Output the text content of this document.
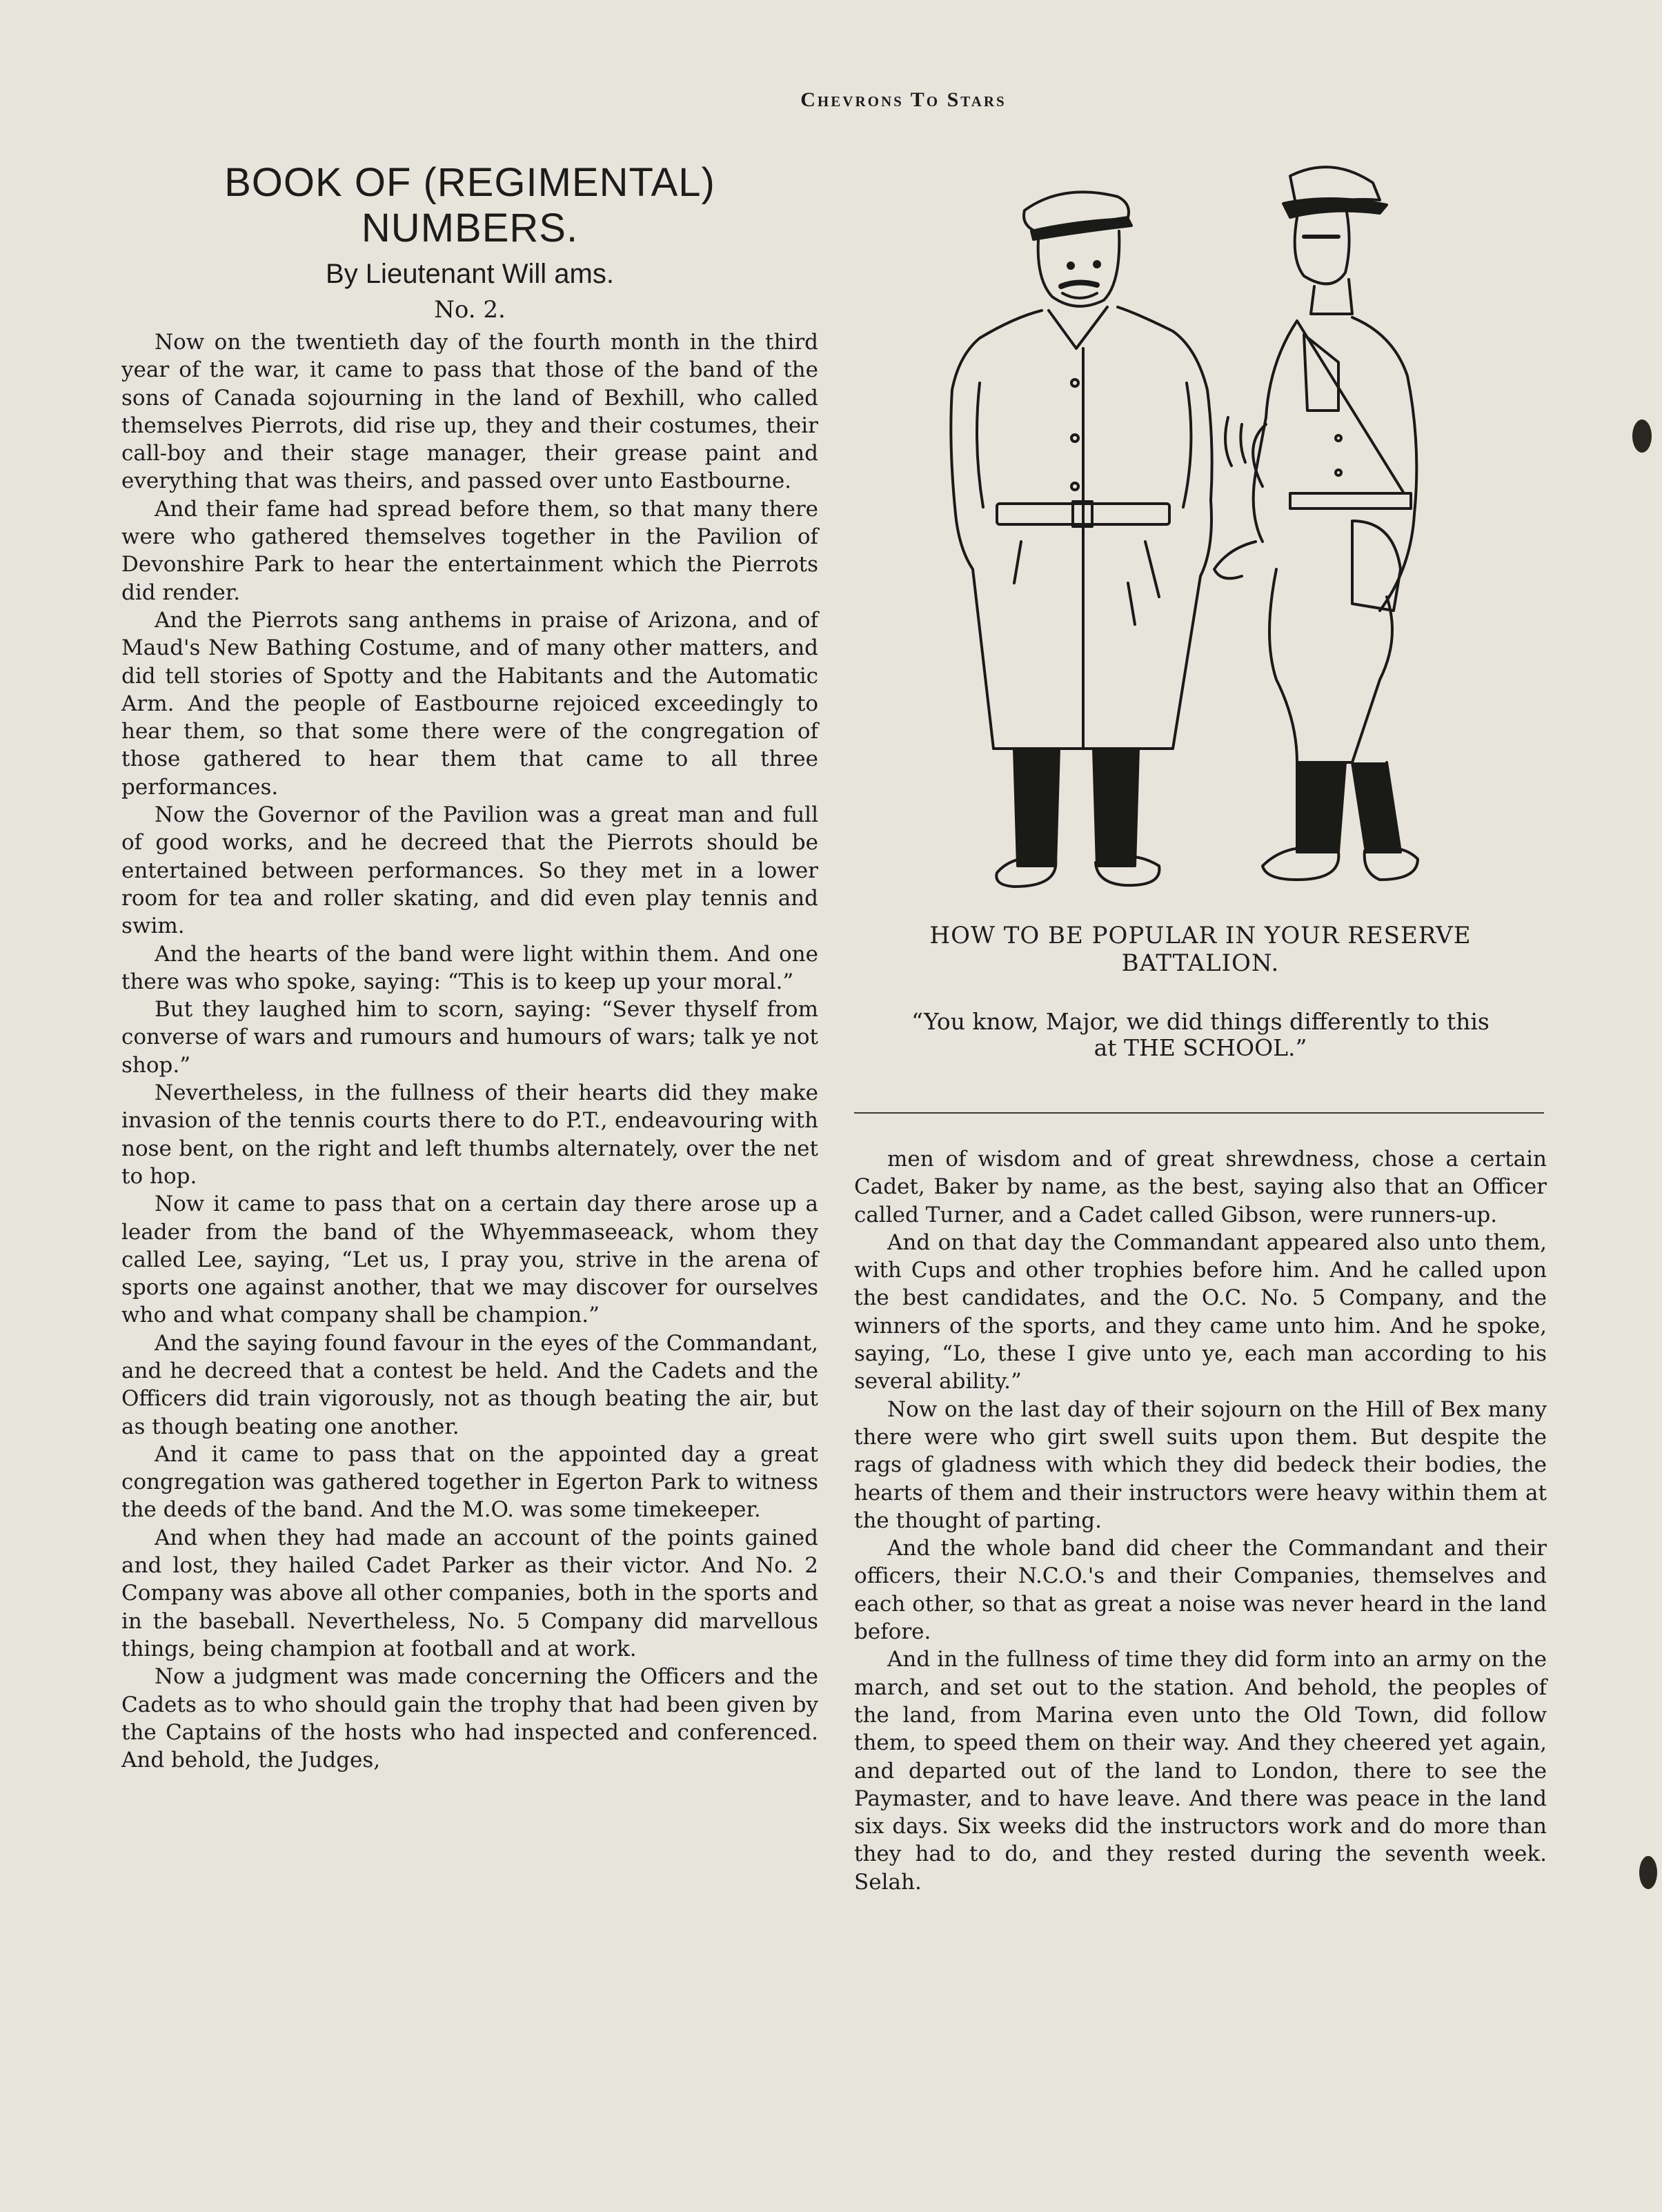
Chevrons To Stars
BOOK OF (REGIMENTAL)
NUMBERS.
By Lieutenant Will ams.
No. 2.

Now on the twentieth day of the fourth month in the third year of the war, it came to pass that those of the band of the sons of Canada sojourning in the land of Bexhill, who called themselves Pierrots, did rise up, they and their costumes, their call-boy and their stage manager, their grease paint and everything that was theirs, and passed over unto Eastbourne.

And their fame had spread before them, so that many there were who gathered themselves together in the Pavilion of Devonshire Park to hear the entertainment which the Pierrots did render.

And the Pierrots sang anthems in praise of Arizona, and of Maud's New Bathing Costume, and of many other matters, and did tell stories of Spotty and the Habitants and the Automatic Arm. And the people of Eastbourne rejoiced exceedingly to hear them, so that some there were of the congregation of those gathered to hear them that came to all three performances.

Now the Governor of the Pavilion was a great man and full of good works, and he decreed that the Pierrots should be entertained between performances. So they met in a lower room for tea and roller skating, and did even play tennis and swim.

And the hearts of the band were light within them. And one there was who spoke, saying: “This is to keep up your moral.”

But they laughed him to scorn, saying: “Sever thyself from converse of wars and rumours and humours of wars; talk ye not shop.”

Nevertheless, in the fullness of their hearts did they make invasion of the tennis courts there to do P.T., endeavouring with nose bent, on the right and left thumbs alternately, over the net to hop.

Now it came to pass that on a certain day there arose up a leader from the band of the Whyemmaseeack, whom they called Lee, saying, “Let us, I pray you, strive in the arena of sports one against another, that we may discover for ourselves who and what company shall be champion.”

And the saying found favour in the eyes of the Commandant, and he decreed that a contest be held. And the Cadets and the Officers did train vigorously, not as though beating the air, but as though beating one another.

And it came to pass that on the appointed day a great congregation was gathered together in Egerton Park to witness the deeds of the band. And the M.O. was some timekeeper.

And when they had made an account of the points gained and lost, they hailed Cadet Parker as their victor. And No. 2 Company was above all other companies, both in the sports and in the baseball. Nevertheless, No. 5 Company did marvellous things, being champion at football and at work.

Now a judgment was made concerning the Officers and the Cadets as to who should gain the trophy that had been given by the Captains of the hosts who had inspected and conferenced. And behold, the Judges,

HOW TO BE POPULAR IN YOUR RESERVE
BATTALION.
“You know, Major, we did things differently to this
at THE SCHOOL.”

men of wisdom and of great shrewdness, chose a certain Cadet, Baker by name, as the best, saying also that an Officer called Turner, and a Cadet called Gibson, were runners-up.

And on that day the Commandant appeared also unto them, with Cups and other trophies before him. And he called upon the best candidates, and the O.C. No. 5 Company, and the winners of the sports, and they came unto him. And he spoke, saying, “Lo, these I give unto ye, each man according to his several ability.”

Now on the last day of their sojourn on the Hill of Bex many there were who girt swell suits upon them. But despite the rags of gladness with which they did bedeck their bodies, the hearts of them and their instructors were heavy within them at the thought of parting.

And the whole band did cheer the Commandant and their officers, their N.C.O.'s and their Companies, themselves and each other, so that as great a noise was never heard in the land before.

And in the fullness of time they did form into an army on the march, and set out to the station. And behold, the peoples of the land, from Marina even unto the Old Town, did follow them, to speed them on their way. And they cheered yet again, and departed out of the land to London, there to see the Paymaster, and to have leave. And there was peace in the land six days. Six weeks did the instructors work and do more than they had to do, and they rested during the seventh week. Selah.
